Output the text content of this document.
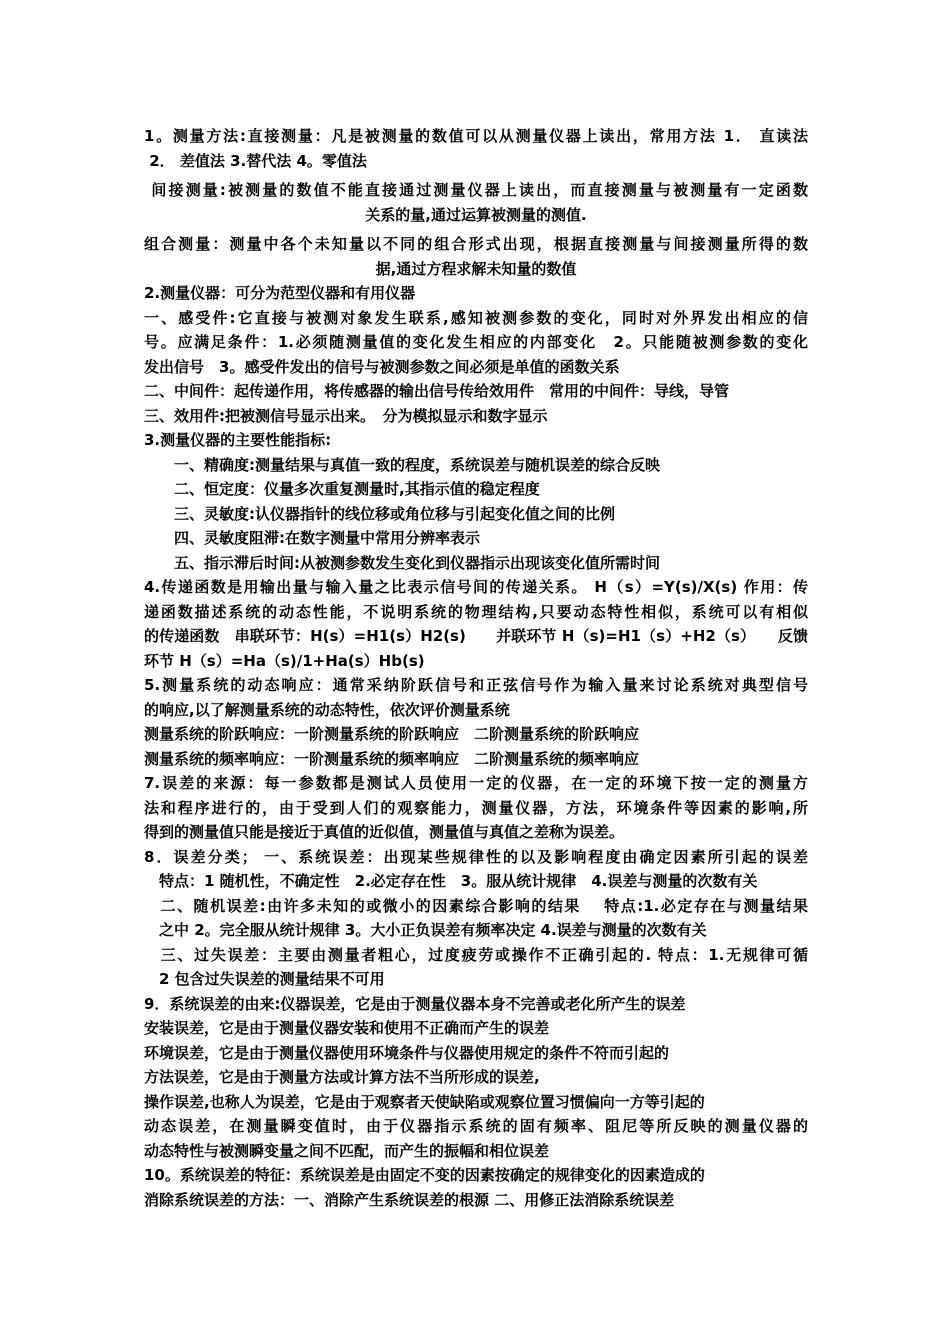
1。测量方法:直接测量：凡是被测量的数值可以从测量仪器上读出，常用方法 1． 直读法
2． 差值法 3.替代法 4。零值法
间接测量:被测量的数值不能直接通过测量仪器上读出，而直接测量与被测量有一定函数
关系的量,通过运算被测量的测值.
组合测量：测量中各个未知量以不同的组合形式出现，根据直接测量与间接测量所得的数
据,通过方程求解未知量的数值
2.测量仪器：可分为范型仪器和有用仪器
一、感受件:它直接与被测对象发生联系,感知被测参数的变化，同时对外界发出相应的信
号。应满足条件：1.必须随测量值的变化发生相应的内部变化　2。只能随被测参数的变化
发出信号　3。感受件发出的信号与被测参数之间必须是单值的函数关系
二、中间件：起传递作用，将传感器的输出信号传给效用件　常用的中间件：导线，导管
三、效用件:把被测信号显示出来。　分为模拟显示和数字显示
3.测量仪器的主要性能指标:
　　一、精确度:测量结果与真值一致的程度，系统误差与随机误差的综合反映
　　二、恒定度：仪量多次重复测量时,其指示值的稳定程度
　　三、灵敏度:认仪器指针的线位移或角位移与引起变化值之间的比例
　　四、灵敏度阻滞:在数字测量中常用分辨率表示
　　五、指示滞后时间:从被测参数发生变化到仪器指示出现该变化值所需时间
4.传递函数是用输出量与输入量之比表示信号间的传递关系。 H（s）=Y(s)/X(s) 作用：传
递函数描述系统的动态性能，不说明系统的物理结构,只要动态特性相似，系统可以有相似
的传递函数　串联环节：H(s）=H1(s）H2(s)　　并联环节 H（s)=H1（s）+H2（s）　　反馈
环节 H（s）=Ha（s)/1+Ha(s）Hb(s)
5.测量系统的动态响应：通常采纳阶跃信号和正弦信号作为输入量来讨论系统对典型信号
的响应,以了解测量系统的动态特性，依次评价测量系统
测量系统的阶跃响应：一阶测量系统的阶跃响应　二阶测量系统的阶跃响应
测量系统的频率响应：一阶测量系统的频率响应　二阶测量系统的频率响应
7.误差的来源：每一参数都是测试人员使用一定的仪器，在一定的环境下按一定的测量方
法和程序进行的，由于受到人们的观察能力，测量仪器，方法，环境条件等因素的影响,所
得到的测量值只能是接近于真值的近似值，测量值与真值之差称为误差。
8．误差分类； 一、系统误差：出现某些规律性的以及影响程度由确定因素所引起的误差
　特点：1 随机性，不确定性　2.必定存在性　3。服从统计规律　4.误差与测量的次数有关
　二、随机误差:由许多未知的或微小的因素综合影响的结果　 特点:1.必定存在与测量结果
　之中 2。完全服从统计规律 3。大小正负误差有频率决定 4.误差与测量的次数有关
　三、过失误差：主要由测量者粗心，过度疲劳或操作不正确引起的. 特点：1.无规律可循
　2 包含过失误差的测量结果不可用
9．系统误差的由来:仪器误差，它是由于测量仪器本身不完善或老化所产生的误差
安装误差，它是由于测量仪器安装和使用不正确而产生的误差
环境误差，它是由于测量仪器使用环境条件与仪器使用规定的条件不符而引起的
方法误差，它是由于测量方法或计算方法不当所形成的误差,
操作误差,也称人为误差，它是由于观察者天使缺陷或观察位置习惯偏向一方等引起的
动态误差，在测量瞬变值时，由于仪器指示系统的固有频率、阻尼等所反映的测量仪器的
动态特性与被测瞬变量之间不匹配，而产生的振幅和相位误差
10。系统误差的特征：系统误差是由固定不变的因素按确定的规律变化的因素造成的
消除系统误差的方法：一、消除产生系统误差的根源 二、用修正法消除系统误差
